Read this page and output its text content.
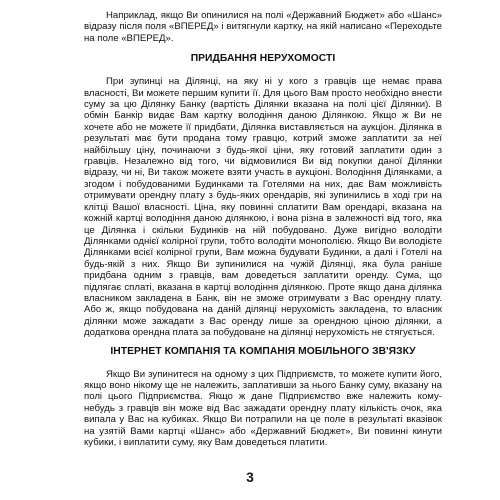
Наприклад, якщо Ви опинилися на полі «Державний Бюджет» або «Шанс» відразу після поля «ВПЕРЕД» і витягнули картку, на якій написано «Переходьте на поле «ВПЕРЕД».

ПРИДБАННЯ НЕРУХОМОСТІ

При зупинці на Ділянці, на яку ні у кого з гравців ще немає права власності, Ви можете першим купити її. Для цього Вам просто необхідно внести суму за цю Ділянку Банку (вартість Ділянки вказана на полі цієї Ділянки). В обмін Банкір видає Вам картку володіння даною Ділянкою. Якщо ж Ви не хочете або не можете її придбати, Ділянка виставляється на аукціон. Ділянка в результаті має бути продана тому гравцю, котрий зможе заплатити за неї найбільшу ціну, починаючи з будь-якої ціни, яку готовий заплатити один з гравців. Незалежно від того, чи відмовилися Ви від покупки даної Ділянки відразу, чи ні, Ви також можете взяти участь в аукціоні. Володіння Ділянками, а згодом і побудованими Будинками та Готелями на них, дає Вам можливість отримувати орендну плату з будь-яких орендарів, які зупинились в ході гри на клітці Вашої власності. Ціна, яку повинні сплатити Вам орендарі, вказана на кожній картці володіння даною ділянкою, і вона різна в залежності від того, яка це Ділянка і скільки Будинків на ній побудовано. Дуже вигідно володіти Ділянками однієї колірної групи, тобто володіти монополією. Якщо Ви володієте Ділянками всієї колірної групи, Вам можна будувати Будинки, а далі і Готелі на будь-якій з них. Якщо Ви зупинилися на чужій Ділянці, яка була раніше придбана одним з гравців, вам доведеться заплатити оренду. Сума, що підлягає сплаті, вказана в картці володіння ділянкою. Проте якщо дана ділянка власником закладена в Банк, він не зможе отримувати з Вас орендну плату. Або ж, якщо побудована на даній ділянці нерухомість закладена, то власник ділянки може зажадати з Вас оренду лише за орендною ціною ділянки, а додаткова орендна плата за побудоване на ділянці нерухомість не стягується.

ІНТЕРНЕТ КОМПАНІЯ ТА КОМПАНІЯ МОБІЛЬНОГО ЗВ'ЯЗКУ

Якщо Ви зупинитеся на одному з цих Підприємств, то можете купити його, якщо воно нікому ще не належить, заплативши за нього Банку суму, вказану на полі цього Підприємства. Якщо ж дане Підприємство вже належить кому-небудь з гравців він може від Вас зажадати орендну плату кількість очок, яка випала у Вас на кубиках. Якщо Ви потрапили на це поле в результаті вказівок на узятій Вами картці «Шанс» або «Державний Бюджет», Ви повинні кинути кубики, і виплатити суму, яку Вам доведеться платити.

3
